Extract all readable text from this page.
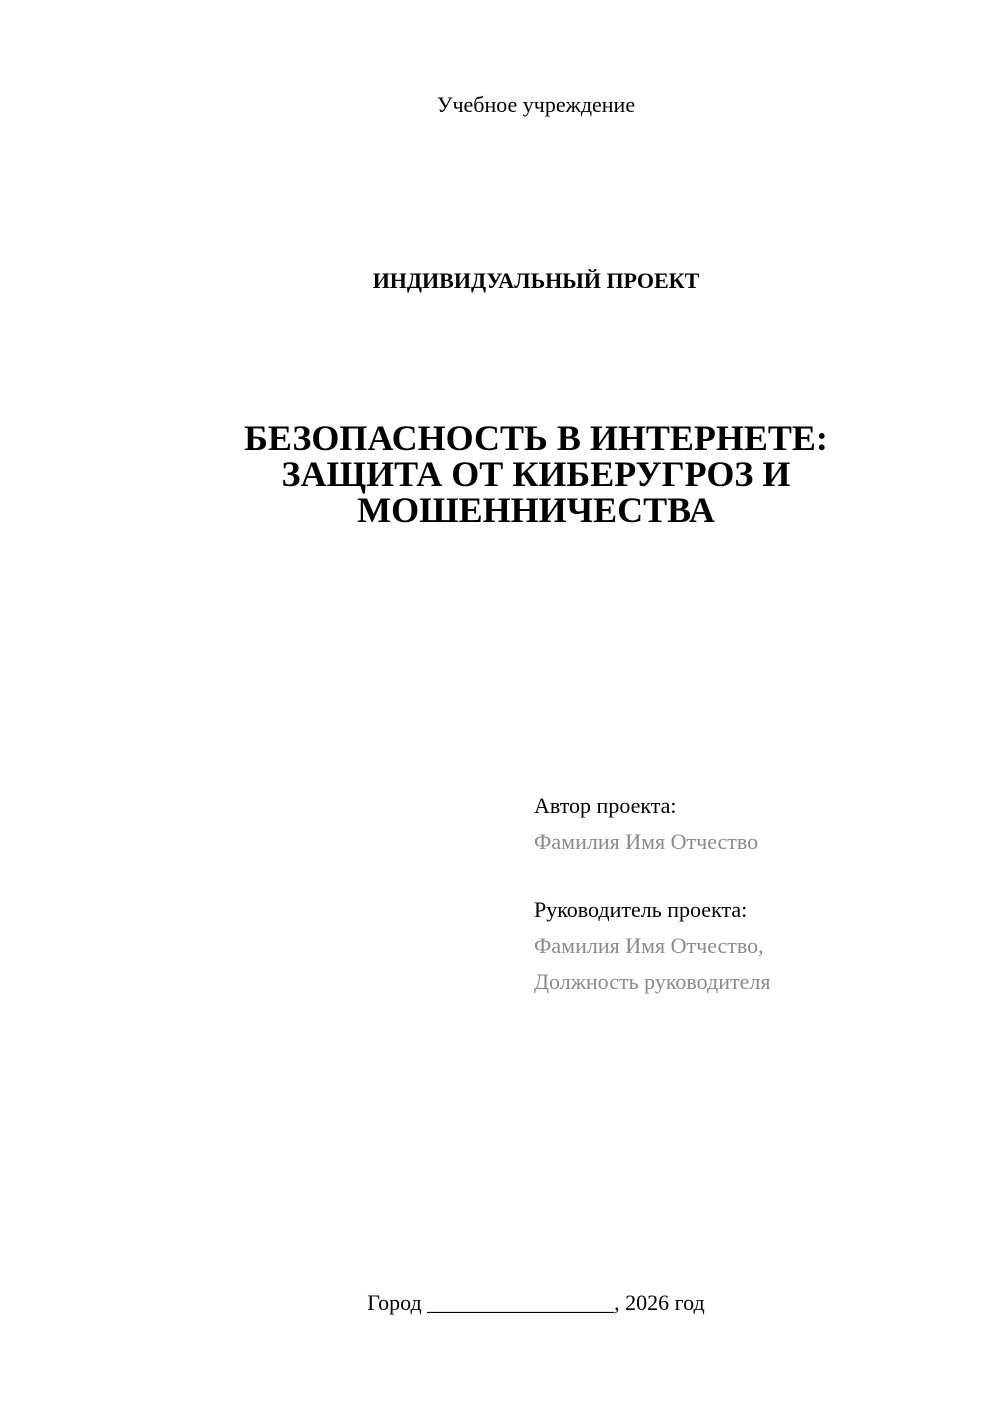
Учебное учреждение
ИНДИВИДУАЛЬНЫЙ ПРОЕКТ
БЕЗОПАСНОСТЬ В ИНТЕРНЕТЕ:
ЗАЩИТА ОТ КИБЕРУГРОЗ И
МОШЕННИЧЕСТВА
Автор проекта:
Фамилия Имя Отчество
Руководитель проекта:
Фамилия Имя Отчество,
Должность руководителя
Город _________________, 2026 год
